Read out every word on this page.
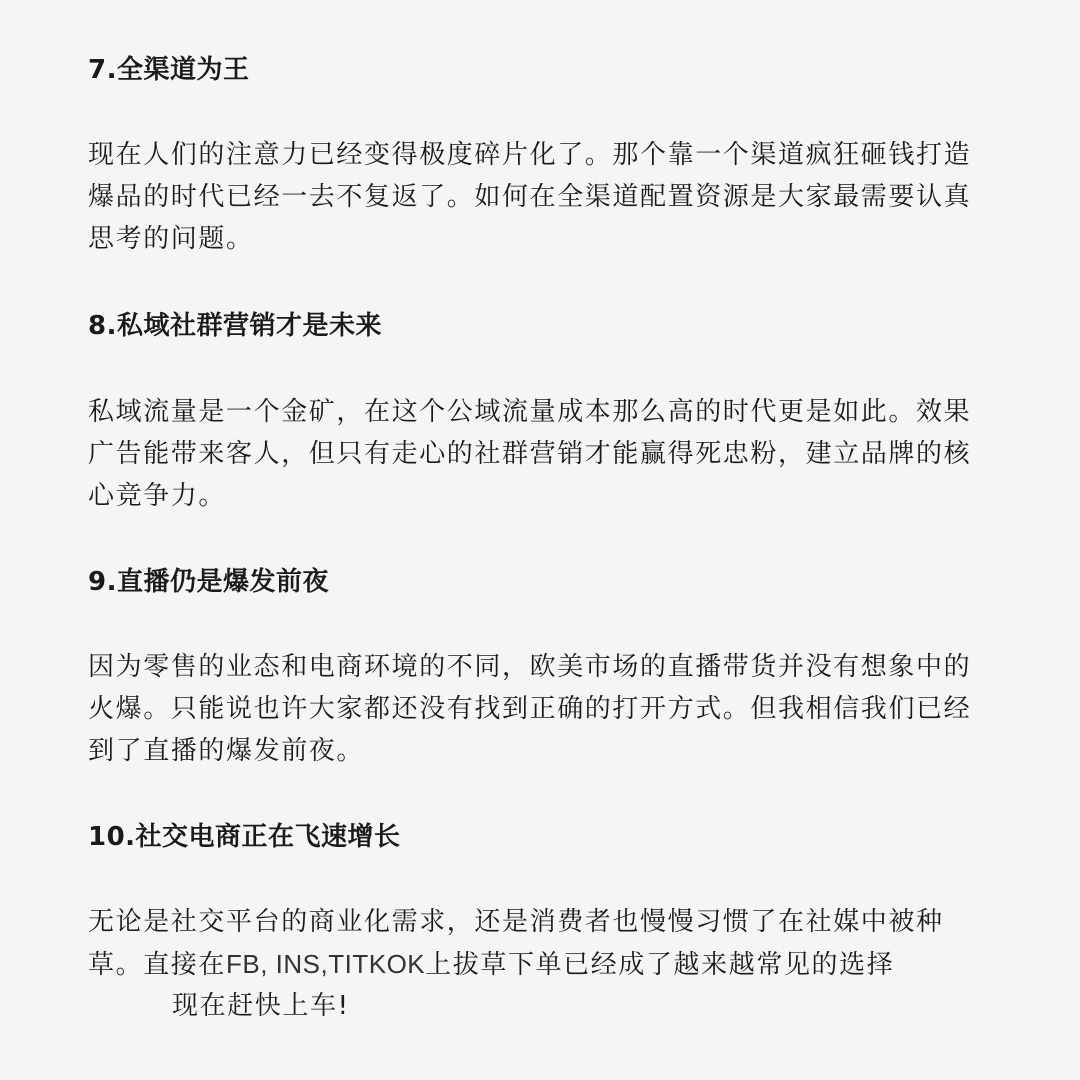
7.全渠道为王
现在人们的注意力已经变得极度碎片化了。那个靠一个渠道疯狂砸钱打造
爆品的时代已经一去不复返了。如何在全渠道配置资源是大家最需要认真
思考的问题。
8.私域社群营销才是未来
私域流量是一个金矿，在这个公域流量成本那么高的时代更是如此。效果
广告能带来客人，但只有走心的社群营销才能赢得死忠粉，建立品牌的核
心竞争力。
9.直播仍是爆发前夜
因为零售的业态和电商环境的不同，欧美市场的直播带货并没有想象中的
火爆。只能说也许大家都还没有找到正确的打开方式。但我相信我们已经
到了直播的爆发前夜。
10.社交电商正在飞速增长
无论是社交平台的商业化需求，还是消费者也慢慢习惯了在社媒中被种
草。直接在FB, INS,TITKOK上拔草下单已经成了越来越常见的选择
现在赶快上车!
